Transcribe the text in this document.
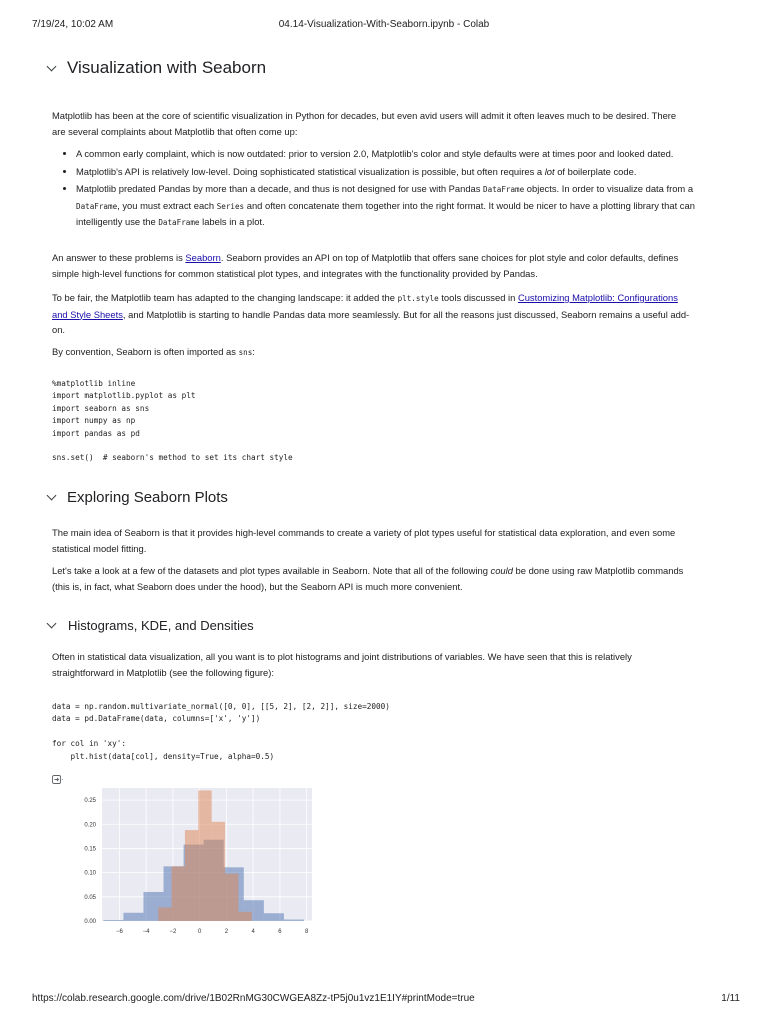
7/19/24, 10:02 AM	04.14-Visualization-With-Seaborn.ipynb - Colab
Visualization with Seaborn

Matplotlib has been at the core of scientific visualization in Python for decades, but even avid users will admit it often leaves much to be desired. There are several complaints about Matplotlib that often come up:

• A common early complaint, which is now outdated: prior to version 2.0, Matplotlib's color and style defaults were at times poor and looked dated.
• Matplotlib's API is relatively low-level. Doing sophisticated statistical visualization is possible, but often requires a lot of boilerplate code.
• Matplotlib predated Pandas by more than a decade, and thus is not designed for use with Pandas DataFrame objects. In order to visualize data from a DataFrame, you must extract each Series and often concatenate them together into the right format. It would be nicer to have a plotting library that can intelligently use the DataFrame labels in a plot.

An answer to these problems is Seaborn. Seaborn provides an API on top of Matplotlib that offers sane choices for plot style and color defaults, defines simple high-level functions for common statistical plot types, and integrates with the functionality provided by Pandas.

To be fair, the Matplotlib team has adapted to the changing landscape: it added the plt.style tools discussed in Customizing Matplotlib: Configurations and Style Sheets, and Matplotlib is starting to handle Pandas data more seamlessly. But for all the reasons just discussed, Seaborn remains a useful add-on.

By convention, Seaborn is often imported as sns:

%matplotlib inline
import matplotlib.pyplot as plt
import seaborn as sns
import numpy as np
import pandas as pd

sns.set()  # seaborn's method to set its chart style
Exploring Seaborn Plots

The main idea of Seaborn is that it provides high-level commands to create a variety of plot types useful for statistical data exploration, and even some statistical model fitting.

Let's take a look at a few of the datasets and plot types available in Seaborn. Note that all of the following could be done using raw Matplotlib commands (this is, in fact, what Seaborn does under the hood), but the Seaborn API is much more convenient.

Histograms, KDE, and Densities

Often in statistical data visualization, all you want is to plot histograms and joint distributions of variables. We have seen that this is relatively straightforward in Matplotlib (see the following figure):

data = np.random.multivariate_normal([0, 0], [[5, 2], [2, 2]], size=2000)
data = pd.DataFrame(data, columns=['x', 'y'])

for col in 'xy':
plt.hist(data[col], density=True, alpha=0.5)
−6	−4	−2	0	2	4	6	8
0.00
0.05
0.10
0.15
0.20
0.25
https://colab.research.google.com/drive/1B02RnMG30CWGEA8Zz-tP5j0u1vz1E1IY#printMode=true	1/11
